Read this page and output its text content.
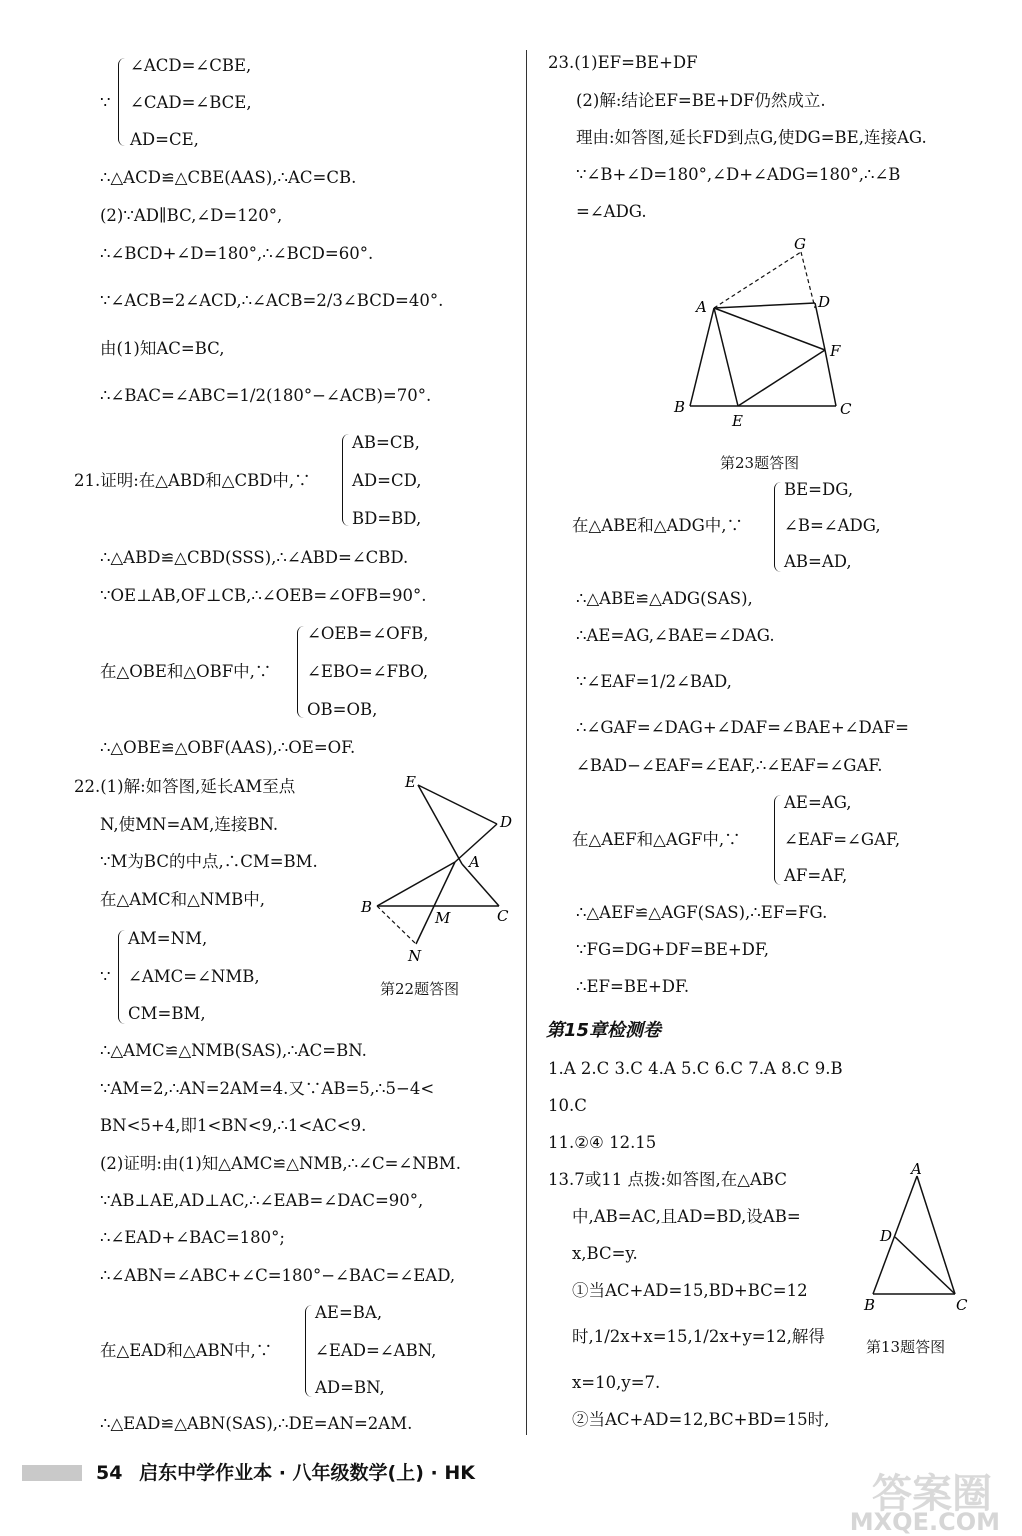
∠ACD=∠CBE,
∵ ∠CAD=∠BCE,
AD=CE,
∴△ACD≌△CBE(AAS),∴AC=CB.
(2)∵AD∥BC,∠D=120°,
∴∠BCD+∠D=180°,∴∠BCD=60°.
∵∠ACB=2∠ACD,∴∠ACB=2/3∠BCD=40°.
由(1)知AC=BC,
∴∠BAC=∠ABC=1/2(180°−∠ACB)=70°.
AB=CB,
21.证明:在△ABD和△CBD中,∵	AD=CD,
BD=BD,
∴△ABD≌△CBD(SSS),∴∠ABD=∠CBD.
∵OE⊥AB,OF⊥CB,∴∠OEB=∠OFB=90°.
∠OEB=∠OFB,
在△OBE和△OBF中,∵ ∠EBO=∠FBO,
OB=OB,
∴△OBE≌△OBF(AAS),∴OE=OF.
22.(1)解:如答图,延长AM至点
N,使MN=AM,连接BN.
∵M为BC的中点,∴CM=BM.
在△AMC和△NMB中,
AM=NM,
∵ ∠AMC=∠NMB,
CM=BM,
E
D
A
B
M	C
N
第22题答图
∴△AMC≌△NMB(SAS),∴AC=BN.
∵AM=2,∴AN=2AM=4.又∵AB=5,∴5−4<
BN<5+4,即1<BN<9,∴1<AC<9.
(2)证明:由(1)知△AMC≌△NMB,∴∠C=∠NBM.
∵AB⊥AE,AD⊥AC,∴∠EAB=∠DAC=90°,
∴∠EAD+∠BAC=180°;
∴∠ABN=∠ABC+∠C=180°−∠BAC=∠EAD,
AE=BA,
在△EAD和△ABN中,∵	∠EAD=∠ABN,
AD=BN,
∴△EAD≌△ABN(SAS),∴DE=AN=2AM.
23.(1)EF=BE+DF
(2)解:结论EF=BE+DF仍然成立.
理由:如答图,延长FD到点G,使DG=BE,连接AG.
∵∠B+∠D=180°,∠D+∠ADG=180°,∴∠B
=∠ADG.
G
A	D
F
B
E
C
第23题答图
BE=DG,
在△ABE和△ADG中,∵ ∠B=∠ADG,
AB=AD,
∴△ABE≌△ADG(SAS),
∴AE=AG,∠BAE=∠DAG.
∵∠EAF=1/2∠BAD,
∴∠GAF=∠DAG+∠DAF=∠BAE+∠DAF=
∠BAD−∠EAF=∠EAF,∴∠EAF=∠GAF.
AE=AG,
在△AEF和△AGF中,∵	∠EAF=∠GAF,
AF=AF,
∴△AEF≌△AGF(SAS),∴EF=FG.
∵FG=DG+DF=BE+DF,
∴EF=BE+DF.
第15章检测卷
1.A 2.C 3.C 4.A 5.C 6.C 7.A 8.C 9.B
10.C
11.②④ 12.15
13.7或11 点拨:如答图,在△ABC
中,AB=AC,且AD=BD,设AB=
x,BC=y.
①当AC+AD=15,BD+BC=12
时,1/2x+x=15,1/2x+y=12,解得
x=10,y=7.
②当AC+AD=12,BC+BD=15时,
A
D
B	C
第13题答图
54 启东中学作业本 · 八年级数学(上) · HK	答案圈
MXQE.COM
